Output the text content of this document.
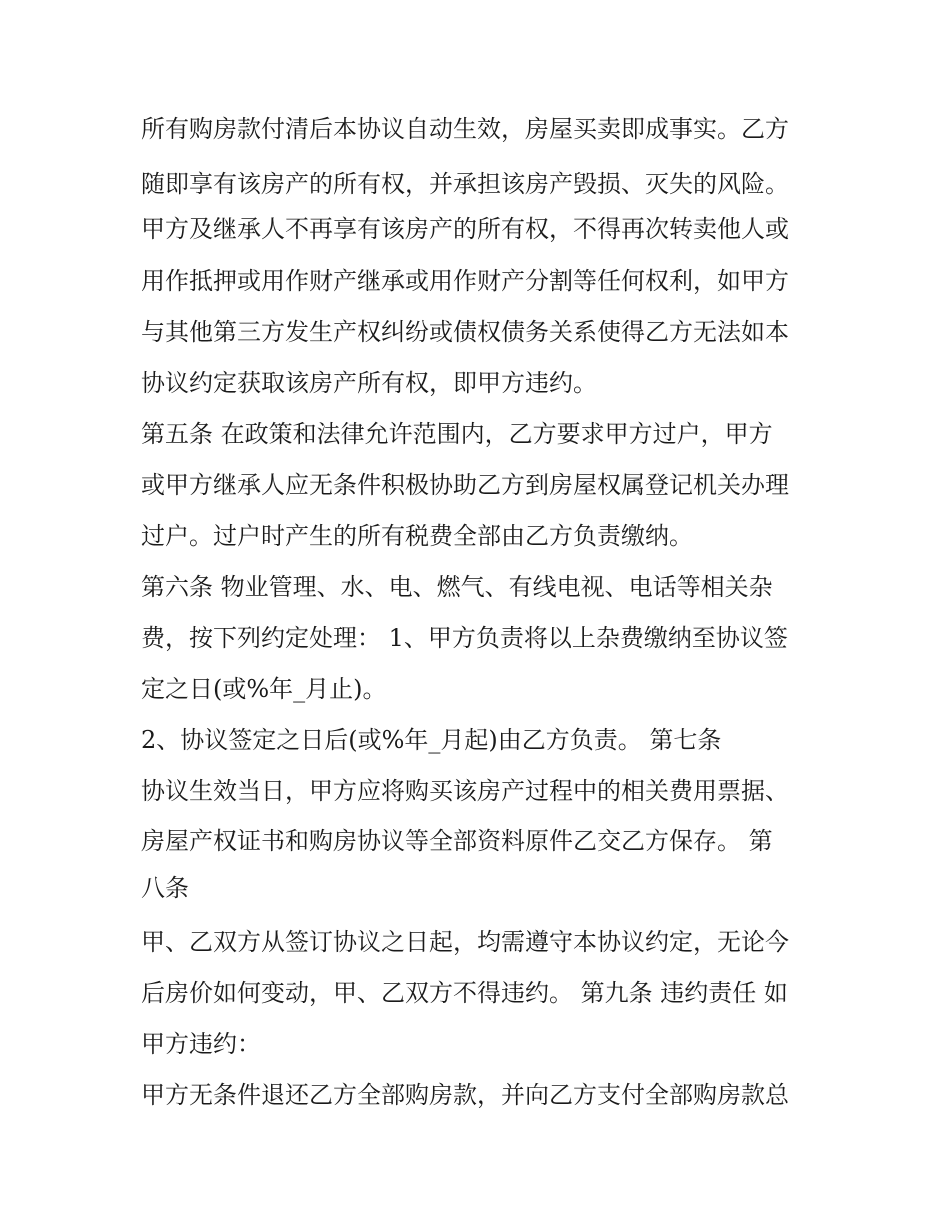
所有购房款付清后本协议自动生效，房屋买卖即成事实。乙方
随即享有该房产的所有权，并承担该房产毁损、灭失的风险。
甲方及继承人不再享有该房产的所有权，不得再次转卖他人或
用作抵押或用作财产继承或用作财产分割等任何权利，如甲方
与其他第三方发生产权纠纷或债权债务关系使得乙方无法如本
协议约定获取该房产所有权，即甲方违约。
第五条 在政策和法律允许范围内，乙方要求甲方过户，甲方
或甲方继承人应无条件积极协助乙方到房屋权属登记机关办理
过户。过户时产生的所有税费全部由乙方负责缴纳。
第六条 物业管理、水、电、燃气、有线电视、电话等相关杂
费，按下列约定处理： 1、甲方负责将以上杂费缴纳至协议签
定之日(或%年_月止)。
2、协议签定之日后(或%年_月起)由乙方负责。 第七条
协议生效当日，甲方应将购买该房产过程中的相关费用票据、
房屋产权证书和购房协议等全部资料原件乙交乙方保存。 第
八条
甲、乙双方从签订协议之日起，均需遵守本协议约定，无论今
后房价如何变动，甲、乙双方不得违约。 第九条 违约责任 如
甲方违约：
甲方无条件退还乙方全部购房款，并向乙方支付全部购房款总
